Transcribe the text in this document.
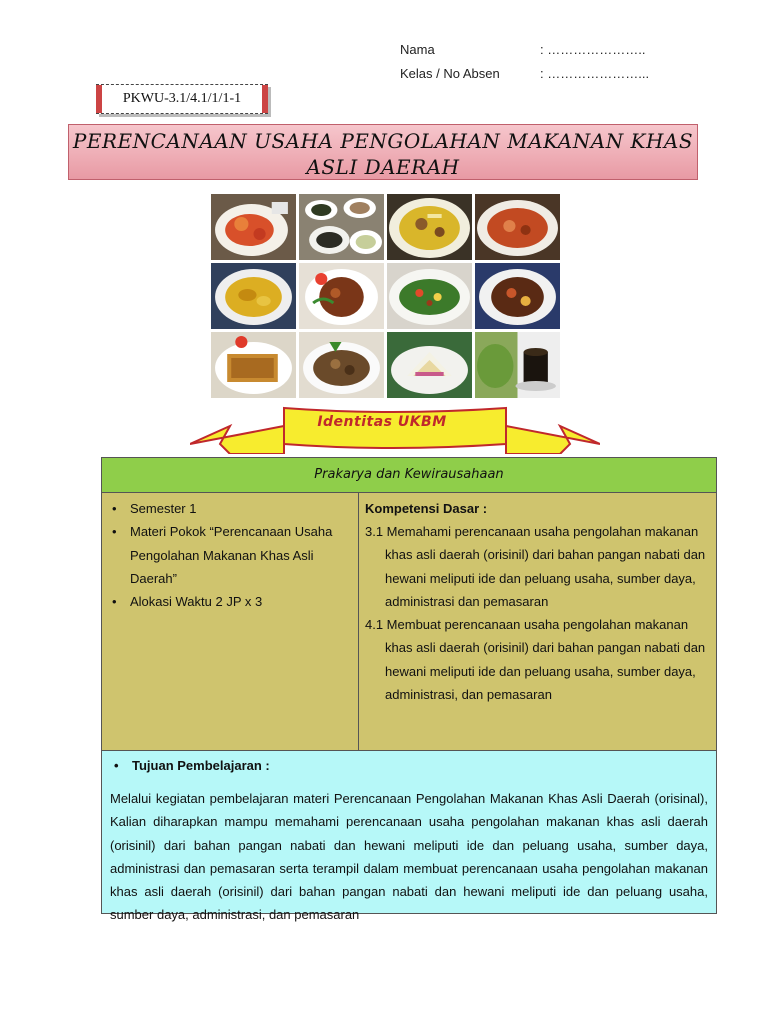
Nama	: …………………..
Kelas / No Absen	: …………………...
PKWU-3.1/4.1/1/1-1
PERENCANAAN USAHA PENGOLAHAN MAKANAN KHAS
ASLI DAERAH
Identitas UKBM
Prakarya dan Kewirausahaan
• Semester 1
• Materi Pokok “Perencanaan Usaha Pengolahan Makanan Khas Asli Daerah”
• Alokasi Waktu 2 JP x 3
Kompetensi Dasar :
3.1 Memahami perencanaan usaha pengolahan makanan khas asli daerah (orisinil) dari bahan pangan nabati dan hewani meliputi ide dan peluang usaha, sumber daya, administrasi dan pemasaran
4.1 Membuat perencanaan usaha pengolahan makanan khas asli daerah (orisinil) dari bahan pangan nabati dan hewani meliputi ide dan peluang usaha, sumber daya, administrasi, dan pemasaran
• Tujuan Pembelajaran :
Melalui kegiatan pembelajaran materi Perencanaan Pengolahan Makanan Khas Asli Daerah (orisinal), Kalian diharapkan mampu memahami perencanaan usaha pengolahan makanan khas asli daerah (orisinil) dari bahan pangan nabati dan hewani meliputi ide dan peluang usaha, sumber daya, administrasi dan pemasaran serta terampil dalam membuat perencanaan usaha pengolahan makanan khas asli daerah (orisinil) dari bahan pangan nabati dan hewani meliputi ide dan peluang usaha, sumber daya, administrasi, dan pemasaran
